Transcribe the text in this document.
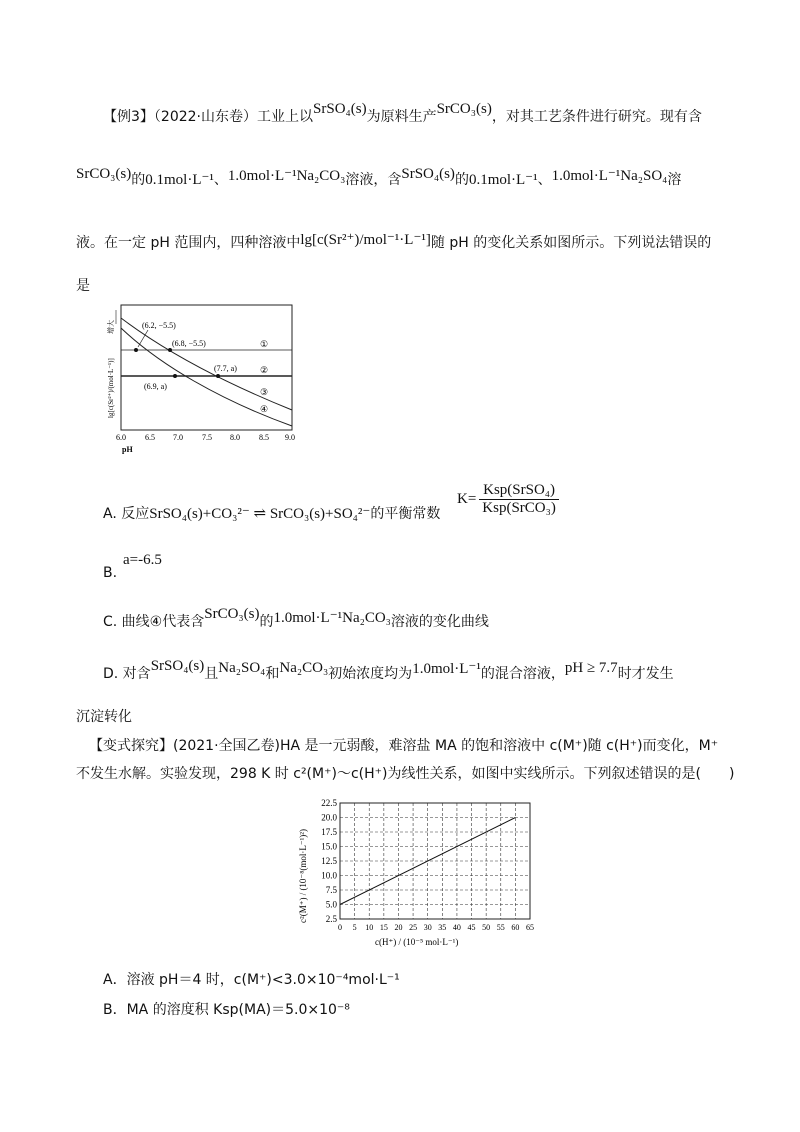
【例3】（2022·山东卷）工业上以SrSO₄(s)为原料生产SrCO₃(s)，对其工艺条件进行研究。现有含
SrCO₃(s)的0.1mol·L⁻¹、1.0mol·L⁻¹Na₂CO₃溶液，含SrSO₄(s)的0.1mol·L⁻¹、1.0mol·L⁻¹Na₂SO₄溶
液。在一定 pH 范围内，四种溶液中lg[c(Sr²⁺)/mol⁻¹·L⁻¹]随 pH 的变化关系如图所示。下列说法错误的
是
(6.2, −5.5)
(6.8, −5.5)
(7.7, a)
(6.9, a)
①
②
③
④
lg[c(Sr²⁺)/(mol·L⁻¹)]
增大
6.0 6.5 7.0 7.5 8.0 8.5 9.0
pH
A. 反应SrSO₄(s)+CO₃²⁻ ⇌ SrCO₃(s)+SO₄²⁻的平衡常数
K=
Ksp(SrSO₄)
Ksp(SrCO₃)
a=-6.5
B.
C. 曲线④代表含SrCO₃(s)的1.0mol·L⁻¹Na₂CO₃溶液的变化曲线
D. 对含SrSO₄(s)且Na₂SO₄和Na₂CO₃初始浓度均为1.0mol·L⁻¹的混合溶液，pH ≥ 7.7时才发生
沉淀转化
【变式探究】(2021·全国乙卷)HA 是一元弱酸，难溶盐 MA 的饱和溶液中 c(M⁺)随 c(H⁺)而变化，M⁺
不发生水解。实验发现，298 K 时 c²(M⁺)～c(H⁺)为线性关系，如图中实线所示。下列叙述错误的是(　　)
2.5
5.0
7.5
10.0
12.5
15.0
17.5
20.0
22.5
0 5 10 15 20 25 30 35 40 45 50 55 60 65
c²(M⁺) / (10⁻⁸(mol·L⁻¹)²)
c(H⁺) / (10⁻⁵ mol·L⁻¹)
A．溶液 pH＝4 时，c(M⁺)<3.0×10⁻⁴mol·L⁻¹
B．MA 的溶度积 Ksp(MA)＝5.0×10⁻⁸
